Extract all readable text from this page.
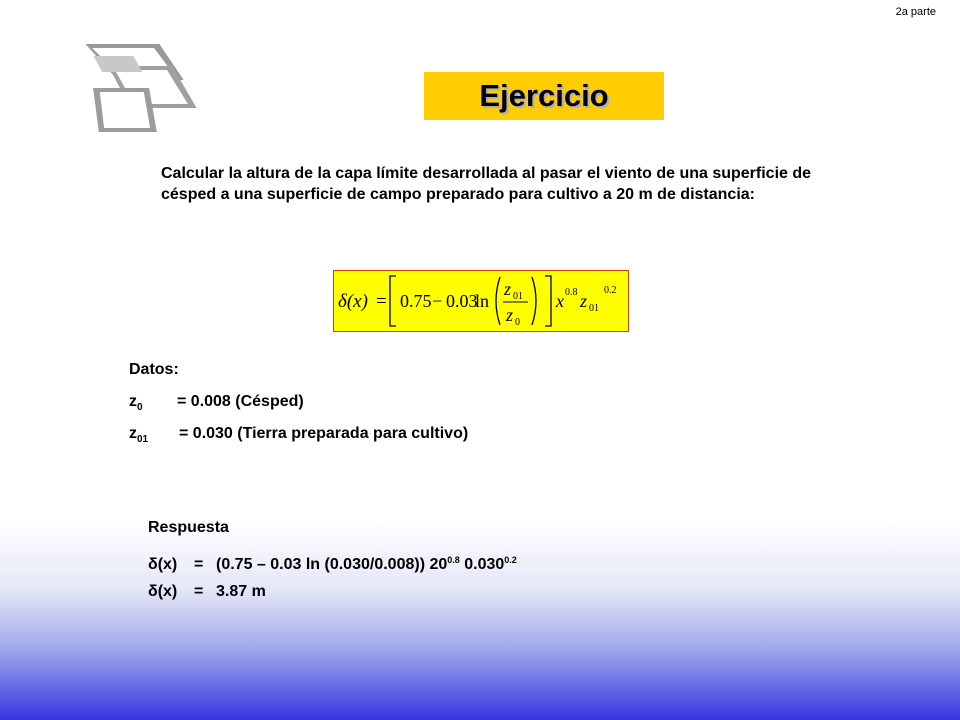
2a parte
Ejercicio
Calcular la altura de la capa límite desarrollada al pasar el viento de una superficie de césped a una superficie de campo preparado para cultivo a 20 m de distancia:
δ(x) = 0.75 − 0.03
ln
z 01
z 0
x 0.8 z 01
0.2
Datos:
$z_0 = 0.008$ (Césped)
$z_{01} = 0.030$ (Tierra preparada para cultivo)
Respuesta
δ(x) = (0.75 – 0.03 ln (0.030/0.008)) $20^{0.8}$ $0.030^{0.2}$
δ(x) = 3.87 m
